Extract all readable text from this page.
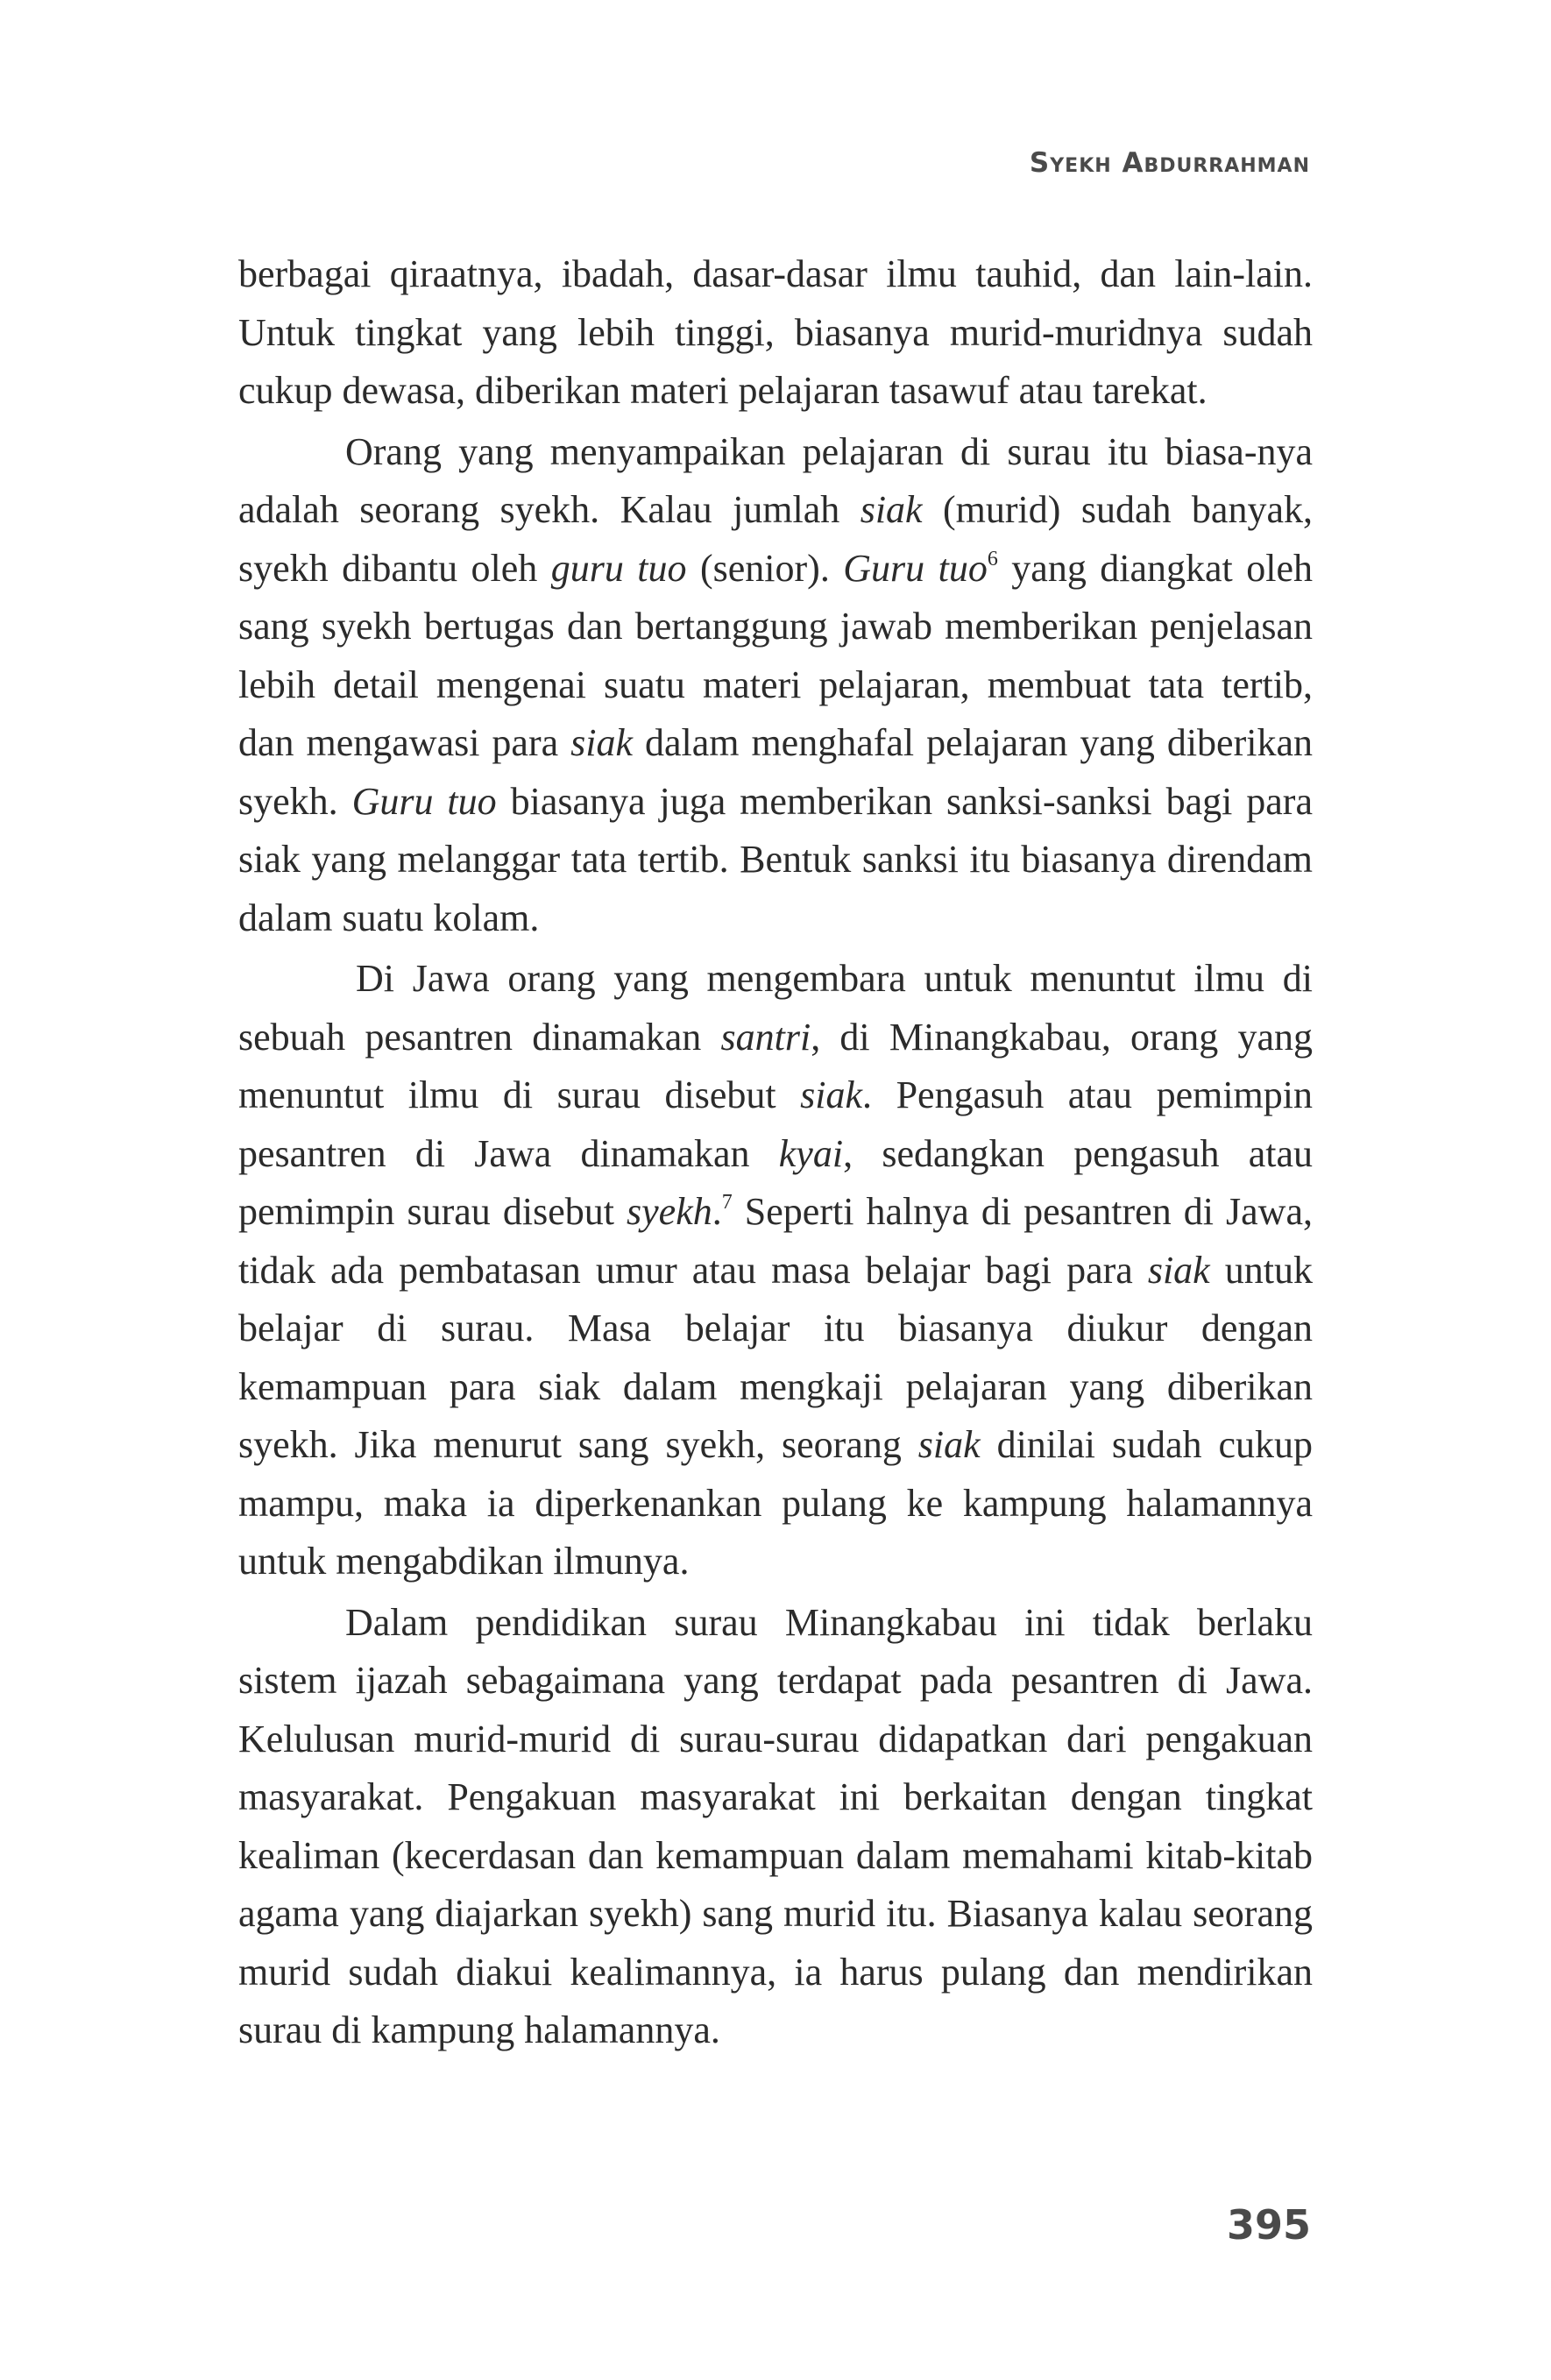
Syekh Abdurrahman

berbagai qiraatnya, ibadah, dasar-dasar ilmu tauhid, dan lain-lain. Untuk tingkat yang lebih tinggi, biasanya murid-muridnya sudah cukup dewasa, diberikan materi pelajaran tasawuf atau tarekat.

Orang yang menyampaikan pelajaran di surau itu biasa-nya adalah seorang syekh. Kalau jumlah siak (murid) sudah banyak, syekh dibantu oleh guru tuo (senior). Guru tuo$^6$ yang diangkat oleh sang syekh bertugas dan bertanggung jawab memberikan penjelasan lebih detail mengenai suatu materi pelajaran, membuat tata tertib, dan mengawasi para siak dalam menghafal pelajaran yang diberikan syekh. Guru tuo biasanya juga memberikan sanksi-sanksi bagi para siak yang melanggar tata tertib. Bentuk sanksi itu biasanya direndam dalam suatu kolam.

Di Jawa orang yang mengembara untuk menuntut ilmu di sebuah pesantren dinamakan santri, di Minangkabau, orang yang menuntut ilmu di surau disebut siak. Pengasuh atau pemimpin pesantren di Jawa dinamakan kyai, sedangkan pengasuh atau pemimpin surau disebut syekh.$^7$ Seperti halnya di pesantren di Jawa, tidak ada pembatasan umur atau masa belajar bagi para siak untuk belajar di surau. Masa belajar itu biasanya diukur dengan kemampuan para siak dalam mengkaji pelajaran yang diberikan syekh. Jika menurut sang syekh, seorang siak dinilai sudah cukup mampu, maka ia diperkenankan pulang ke kampung halamannya untuk mengabdikan ilmunya.

Dalam pendidikan surau Minangkabau ini tidak berlaku sistem ijazah sebagaimana yang terdapat pada pesantren di Jawa. Kelulusan murid-murid di surau-surau didapatkan dari pengakuan masyarakat. Pengakuan masyarakat ini berkaitan dengan tingkat kealiman (kecerdasan dan kemampuan dalam memahami kitab-kitab agama yang diajarkan syekh) sang murid itu. Biasanya kalau seorang murid sudah diakui kealimannya, ia harus pulang dan mendirikan surau di kampung halamannya.

395
